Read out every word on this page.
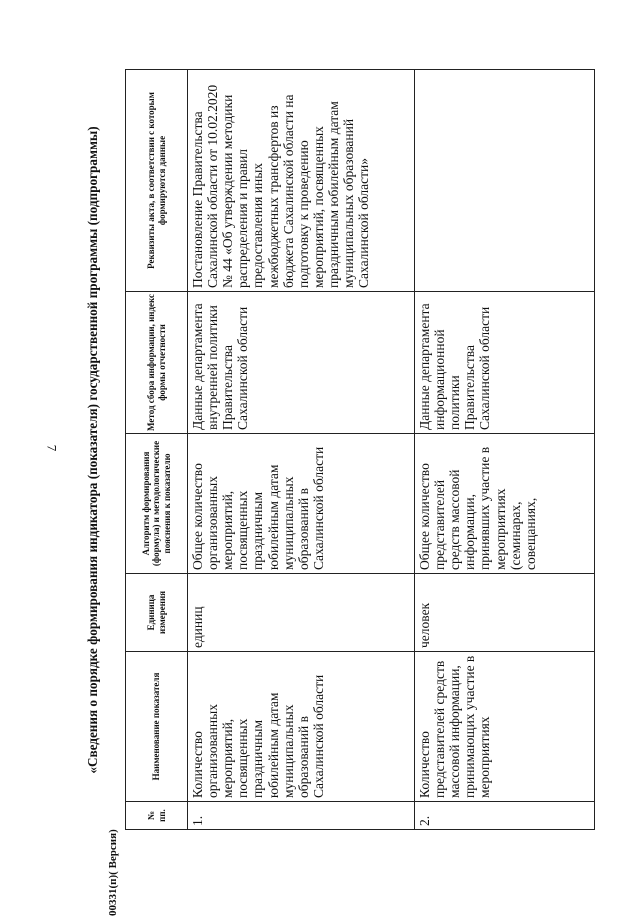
7 «Сведения о порядке формирования индикатора (показателя) государственной программы (подпрограммы)
00331(п)( Версия)
№ пп.	Наименование показателя	Единица измерения	Алгоритм формирования (формула) и методологические пояснения к показателю	Метод сбора информации, индекс формы отчетности	Реквизиты акта, в соответствии с которым формируются данные
1.	Количество организованных мероприятий, посвященных праздничным юбилейным датам муниципальных образований в Сахалинской области	единиц	Общее количество организованных мероприятий, посвященных праздничным юбилейным датам муниципальных образований в Сахалинской области	Данные департамента внутренней политики Правительства Сахалинской области	Постановление Правительства Сахалинской области от 10.02.2020 № 44 «Об утверждении методики распределения и правил предоставления иных межбюджетных трансфертов из бюджета Сахалинской области на подготовку к проведению мероприятий, посвященных праздничным юбилейным датам муниципальных образований Сахалинской области»
2.	Количество представителей средств массовой информации, принимающих участие в мероприятиях	человек	Общее количество представителей средств массовой информации, принявших участие в мероприятиях (семинарах, совещаниях,	Данные департамента информационной политики Правительства Сахалинской области	
